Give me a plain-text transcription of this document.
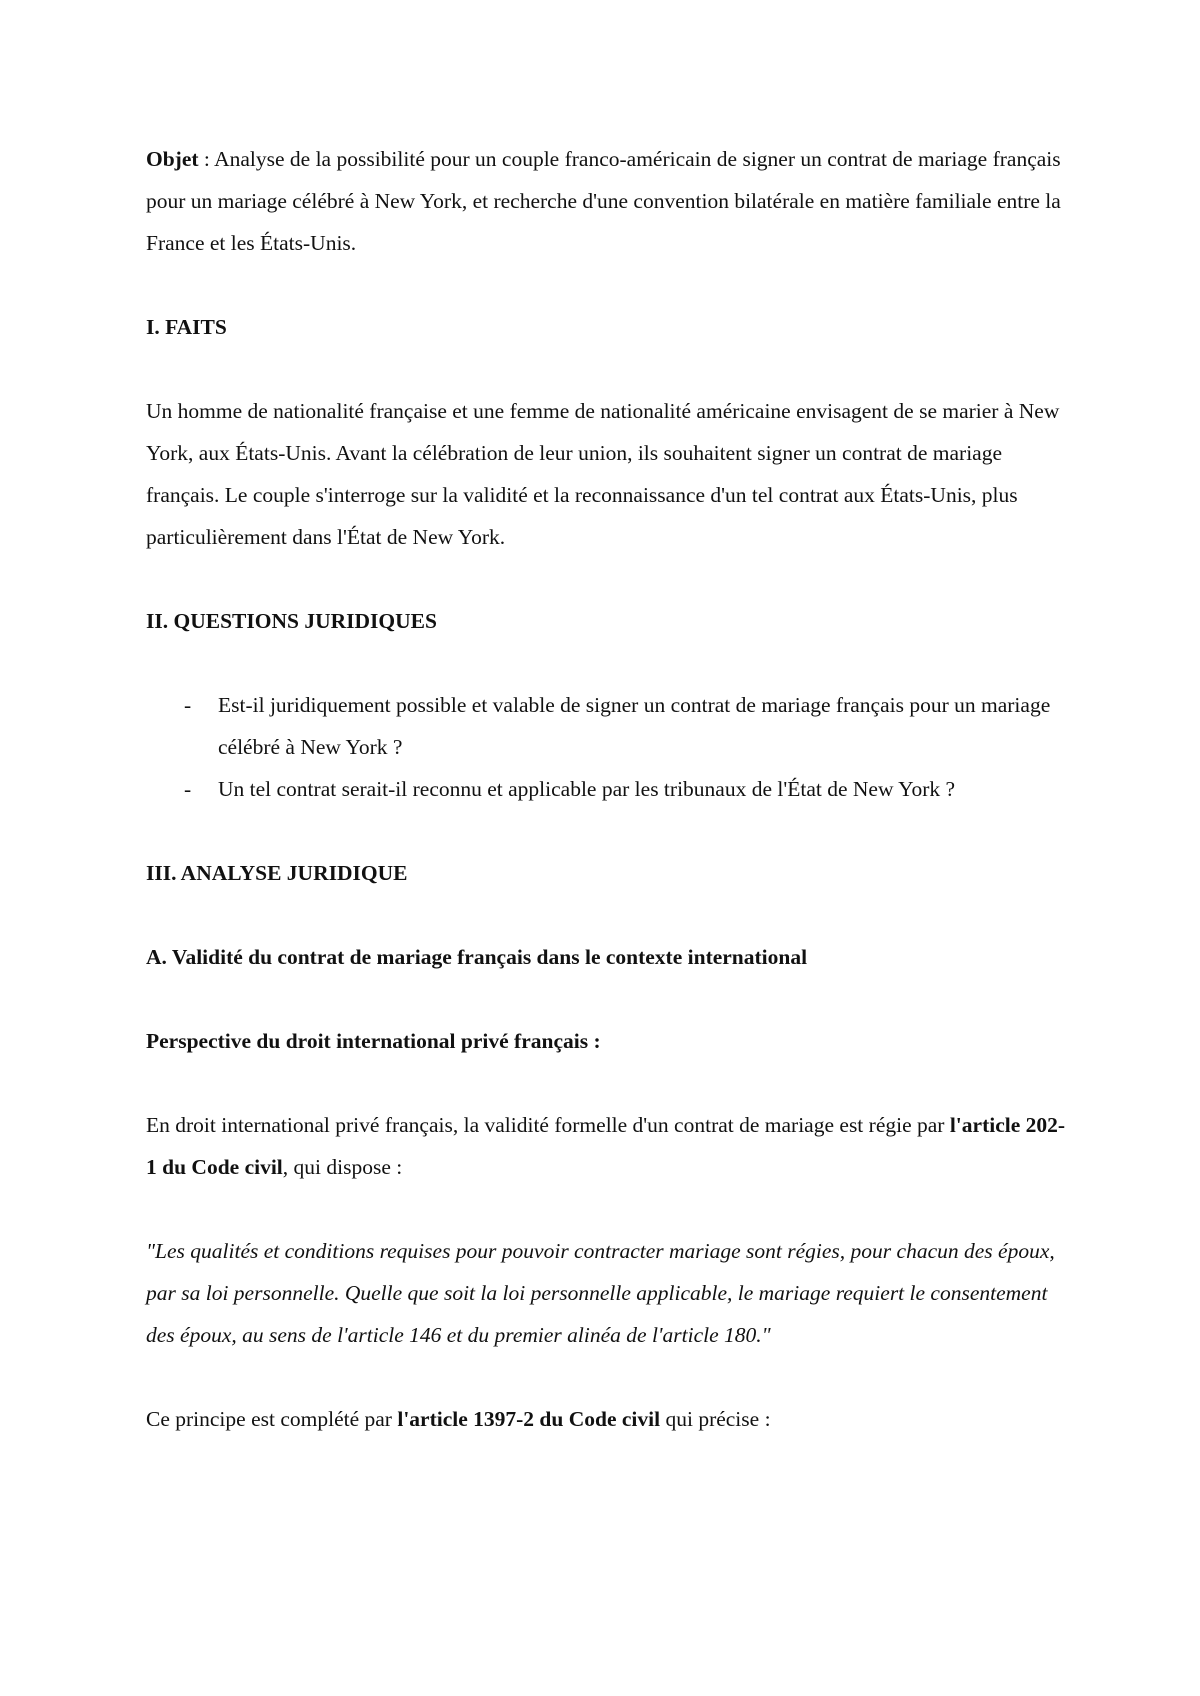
Objet : Analyse de la possibilité pour un couple franco-américain de signer un contrat de mariage français pour un mariage célébré à New York, et recherche d'une convention bilatérale en matière familiale entre la France et les États-Unis.

I. FAITS

Un homme de nationalité française et une femme de nationalité américaine envisagent de se marier à New York, aux États-Unis. Avant la célébration de leur union, ils souhaitent signer un contrat de mariage français. Le couple s'interroge sur la validité et la reconnaissance d'un tel contrat aux États-Unis, plus particulièrement dans l'État de New York.

II. QUESTIONS JURIDIQUES

- Est-il juridiquement possible et valable de signer un contrat de mariage français pour un mariage célébré à New York ?
- Un tel contrat serait-il reconnu et applicable par les tribunaux de l'État de New York ?

III. ANALYSE JURIDIQUE

A. Validité du contrat de mariage français dans le contexte international

Perspective du droit international privé français :

En droit international privé français, la validité formelle d'un contrat de mariage est régie par l'article 202-1 du Code civil, qui dispose :

"Les qualités et conditions requises pour pouvoir contracter mariage sont régies, pour chacun des époux, par sa loi personnelle. Quelle que soit la loi personnelle applicable, le mariage requiert le consentement des époux, au sens de l'article 146 et du premier alinéa de l'article 180."

Ce principe est complété par l'article 1397-2 du Code civil qui précise :
